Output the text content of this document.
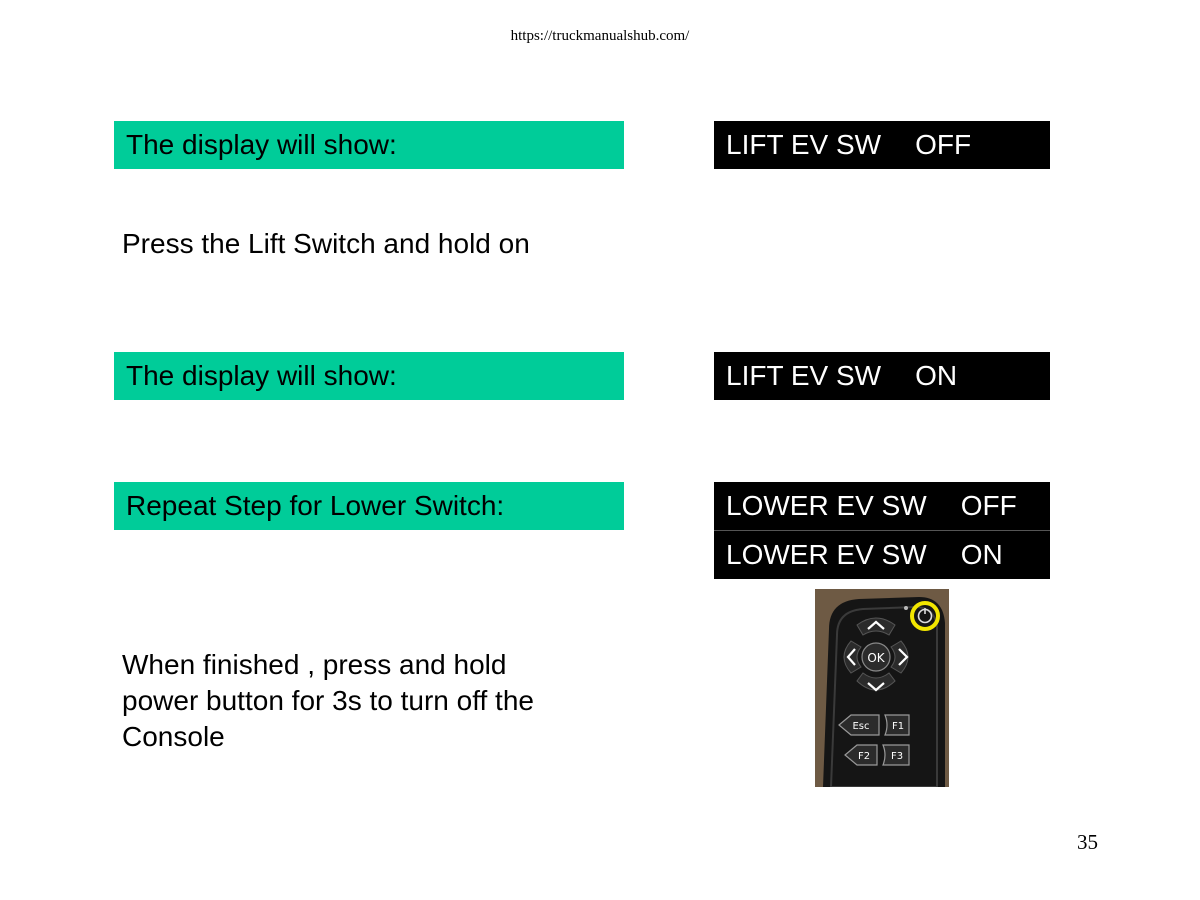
https://truckmanualshub.com/
The display will show:	LIFT EV SW OFF
Press the Lift Switch and hold on
The display will show:	LIFT EV SW ON
Repeat Step for Lower Switch:	LOWER EV SW OFF
LOWER EV SW ON
When finished , press and hold
power button for 3s to turn off the
Console
OK
Esc F1
F2 F3
35
